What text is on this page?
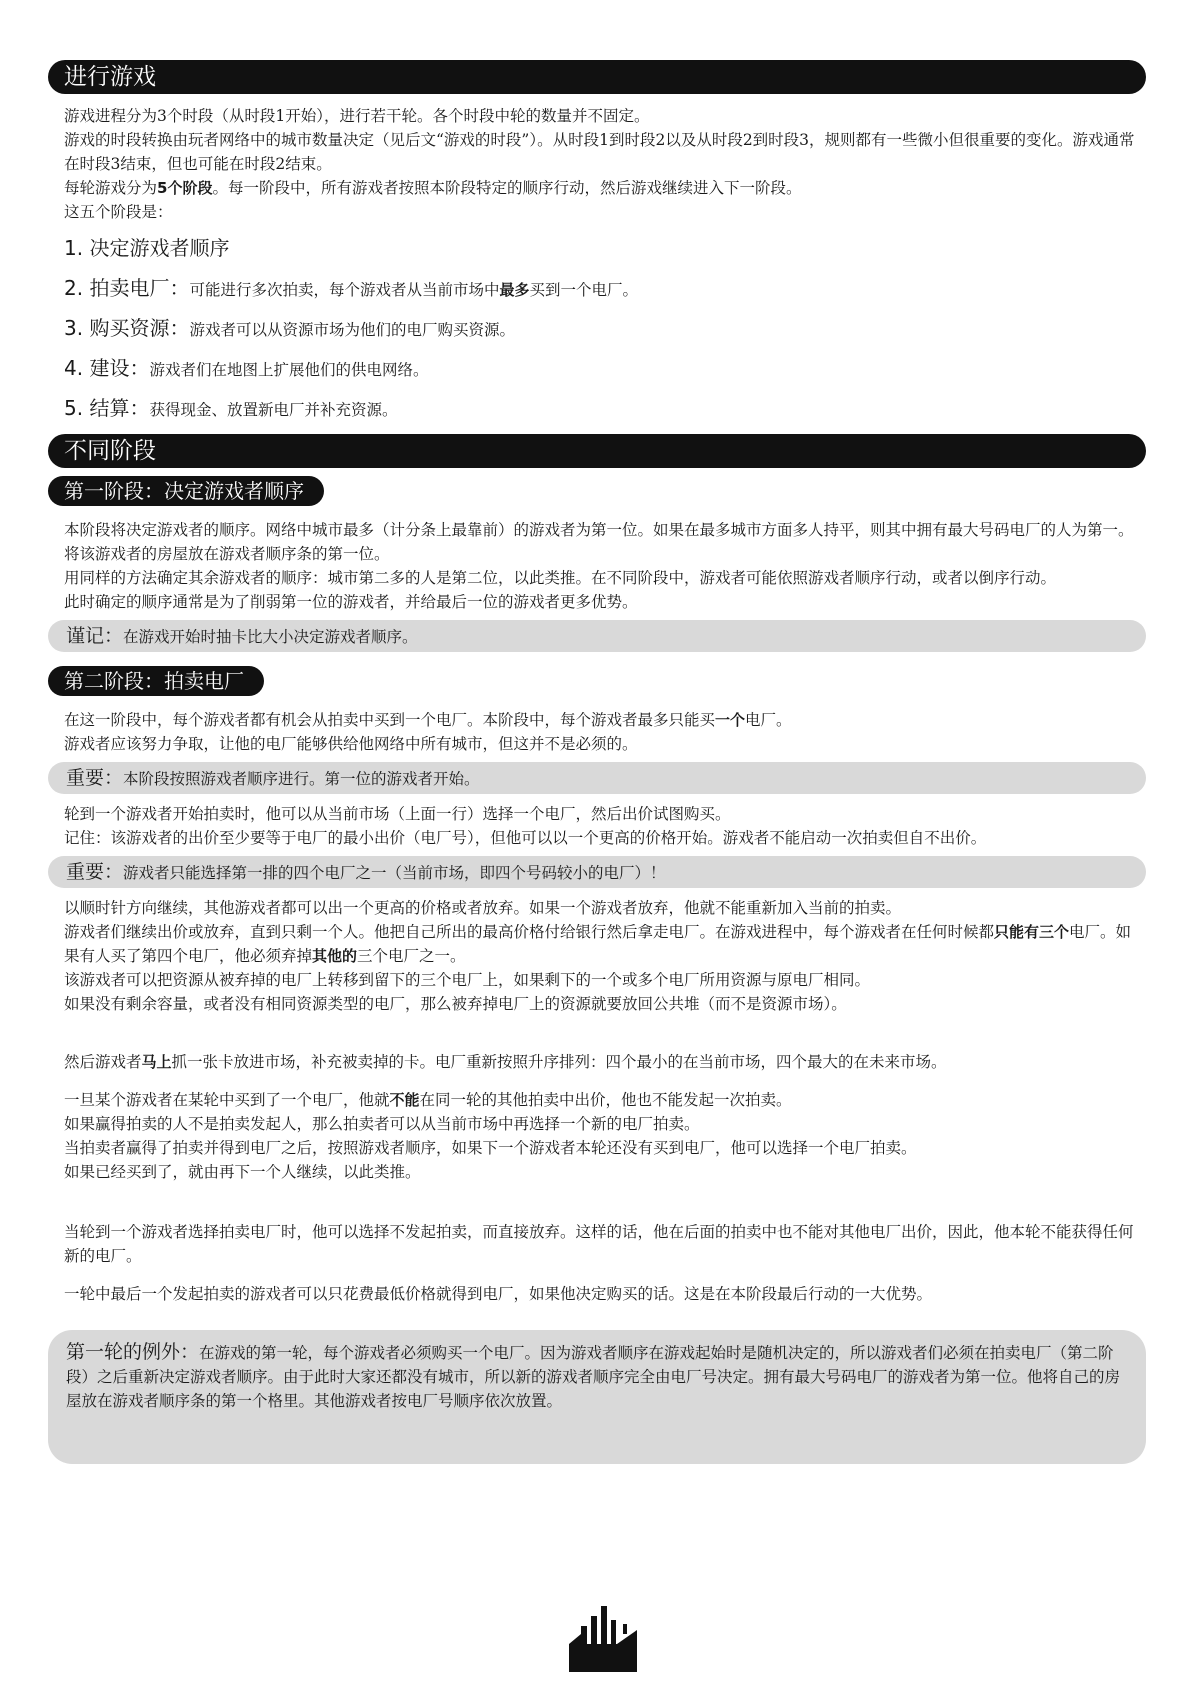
进行游戏

游戏进程分为3个时段（从时段1开始），进行若干轮。各个时段中轮的数量并不固定。

游戏的时段转换由玩者网络中的城市数量决定（见后文“游戏的时段”）。从时段1到时段2以及从时段2到时段3，规则都有一些微小但很重要的变化。游戏通常在时段3结束，但也可能在时段2结束。

每轮游戏分为5个阶段。每一阶段中，所有游戏者按照本阶段特定的顺序行动，然后游戏继续进入下一阶段。

这五个阶段是：

1. 决定游戏者顺序
2. 拍卖电厂：可能进行多次拍卖，每个游戏者从当前市场中最多买到一个电厂。
3. 购买资源：游戏者可以从资源市场为他们的电厂购买资源。
4. 建设：游戏者们在地图上扩展他们的供电网络。
5. 结算：获得现金、放置新电厂并补充资源。
不同阶段
第一阶段：决定游戏者顺序

本阶段将决定游戏者的顺序。网络中城市最多（计分条上最靠前）的游戏者为第一位。如果在最多城市方面多人持平，则其中拥有最大号码电厂的人为第一。将该游戏者的房屋放在游戏者顺序条的第一位。

用同样的方法确定其余游戏者的顺序：城市第二多的人是第二位，以此类推。在不同阶段中，游戏者可能依照游戏者顺序行动，或者以倒序行动。

此时确定的顺序通常是为了削弱第一位的游戏者，并给最后一位的游戏者更多优势。

谨记：在游戏开始时抽卡比大小决定游戏者顺序。
第二阶段：拍卖电厂

在这一阶段中，每个游戏者都有机会从拍卖中买到一个电厂。本阶段中，每个游戏者最多只能买一个电厂。

游戏者应该努力争取，让他的电厂能够供给他网络中所有城市，但这并不是必须的。

重要：本阶段按照游戏者顺序进行。第一位的游戏者开始。

轮到一个游戏者开始拍卖时，他可以从当前市场（上面一行）选择一个电厂，然后出价试图购买。

记住：该游戏者的出价至少要等于电厂的最小出价（电厂号），但他可以以一个更高的价格开始。游戏者不能启动一次拍卖但自不出价。

重要：游戏者只能选择第一排的四个电厂之一（当前市场，即四个号码较小的电厂）！

以顺时针方向继续，其他游戏者都可以出一个更高的价格或者放弃。如果一个游戏者放弃，他就不能重新加入当前的拍卖。

游戏者们继续出价或放弃，直到只剩一个人。他把自己所出的最高价格付给银行然后拿走电厂。在游戏进程中，每个游戏者在任何时候都只能有三个电厂。如果有人买了第四个电厂，他必须弃掉其他的三个电厂之一。

该游戏者可以把资源从被弃掉的电厂上转移到留下的三个电厂上，如果剩下的一个或多个电厂所用资源与原电厂相同。

如果没有剩余容量，或者没有相同资源类型的电厂，那么被弃掉电厂上的资源就要放回公共堆（而不是资源市场）。

然后游戏者马上抓一张卡放进市场，补充被卖掉的卡。电厂重新按照升序排列：四个最小的在当前市场，四个最大的在未来市场。

一旦某个游戏者在某轮中买到了一个电厂，他就不能在同一轮的其他拍卖中出价，他也不能发起一次拍卖。

如果赢得拍卖的人不是拍卖发起人，那么拍卖者可以从当前市场中再选择一个新的电厂拍卖。

当拍卖者赢得了拍卖并得到电厂之后，按照游戏者顺序，如果下一个游戏者本轮还没有买到电厂，他可以选择一个电厂拍卖。

如果已经买到了，就由再下一个人继续，以此类推。

当轮到一个游戏者选择拍卖电厂时，他可以选择不发起拍卖，而直接放弃。这样的话，他在后面的拍卖中也不能对其他电厂出价，因此，他本轮不能获得任何新的电厂。

一轮中最后一个发起拍卖的游戏者可以只花费最低价格就得到电厂，如果他决定购买的话。这是在本阶段最后行动的一大优势。

第一轮的例外：在游戏的第一轮，每个游戏者必须购买一个电厂。因为游戏者顺序在游戏起始时是随机决定的，所以游戏者们必须在拍卖电厂（第二阶段）之后重新决定游戏者顺序。由于此时大家还都没有城市，所以新的游戏者顺序完全由电厂号决定。拥有最大号码电厂的游戏者为第一位。他将自己的房屋放在游戏者顺序条的第一个格里。其他游戏者按电厂号顺序依次放置。
